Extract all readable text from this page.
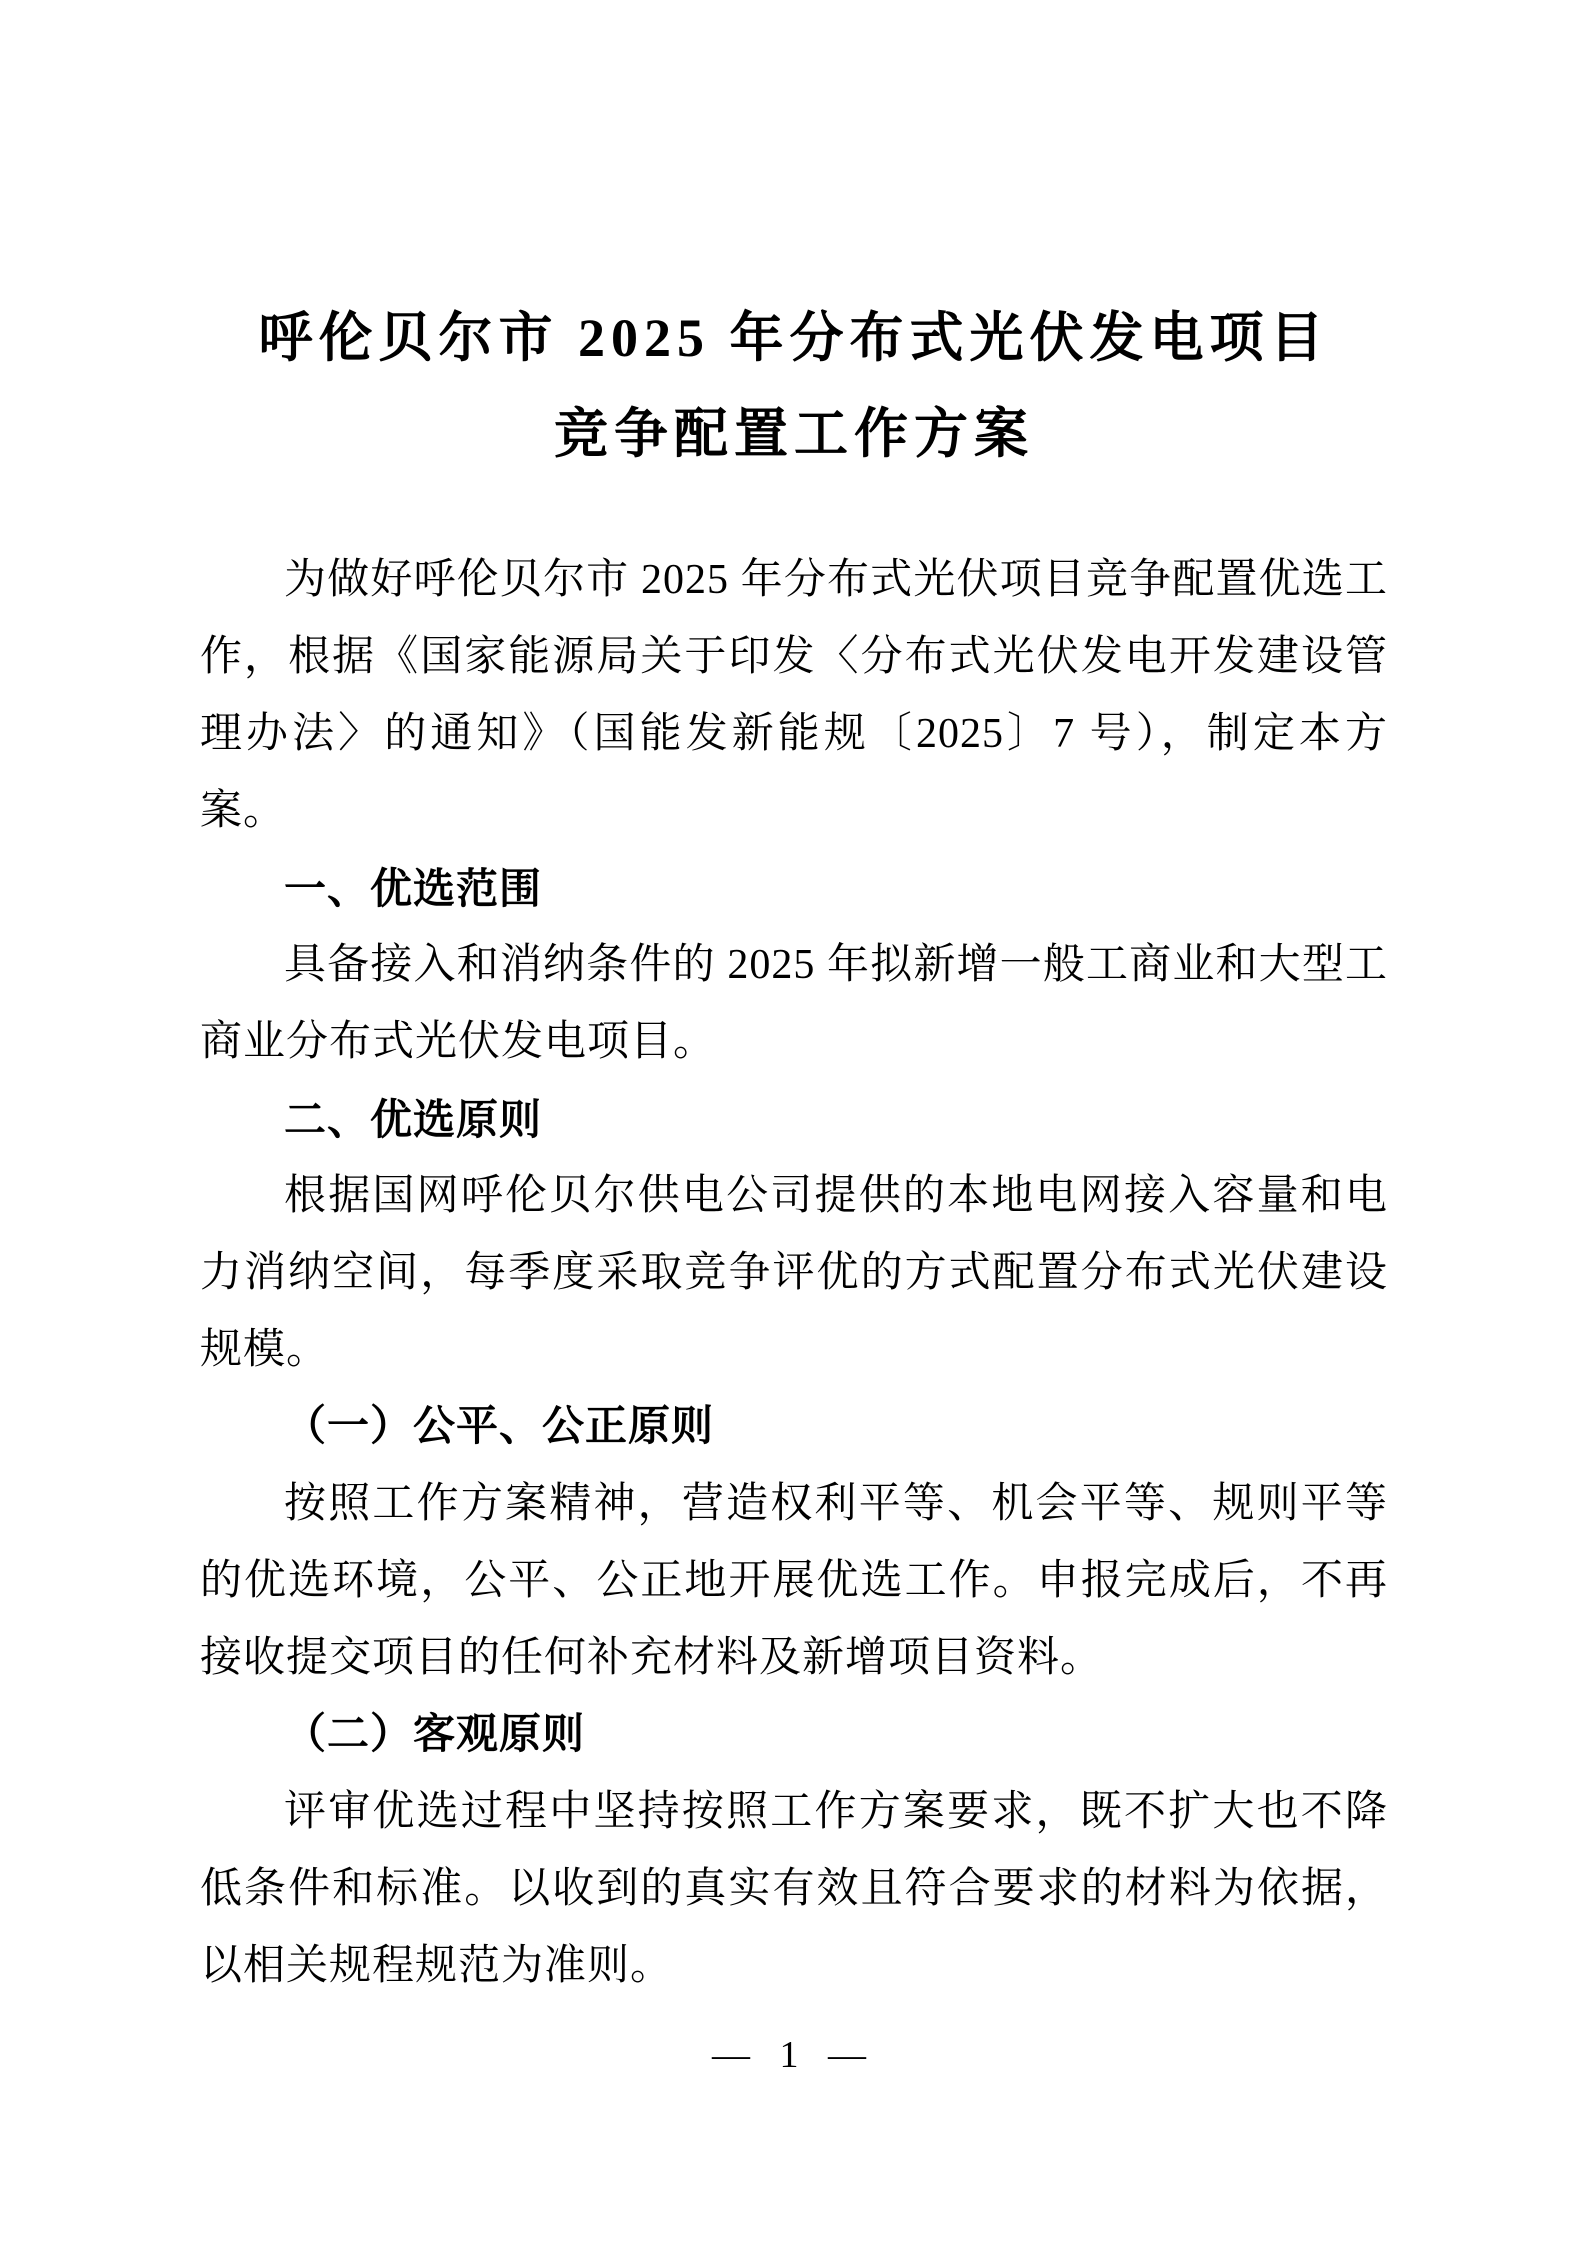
呼伦贝尔市 2025 年分布式光伏发电项目
竞争配置工作方案

为做好呼伦贝尔市 2025 年分布式光伏项目竞争配置优选工作，根据《国家能源局关于印发〈分布式光伏发电开发建设管理办法〉的通知》（国能发新能规〔2025〕7 号），制定本方案。

一、优选范围

具备接入和消纳条件的 2025 年拟新增一般工商业和大型工商业分布式光伏发电项目。

二、优选原则

根据国网呼伦贝尔供电公司提供的本地电网接入容量和电力消纳空间，每季度采取竞争评优的方式配置分布式光伏建设规模。

（一）公平、公正原则

按照工作方案精神，营造权利平等、机会平等、规则平等的优选环境，公平、公正地开展优选工作。申报完成后，不再接收提交项目的任何补充材料及新增项目资料。

（二）客观原则

评审优选过程中坚持按照工作方案要求，既不扩大也不降低条件和标准。以收到的真实有效且符合要求的材料为依据，以相关规程规范为准则。

— 1 —
